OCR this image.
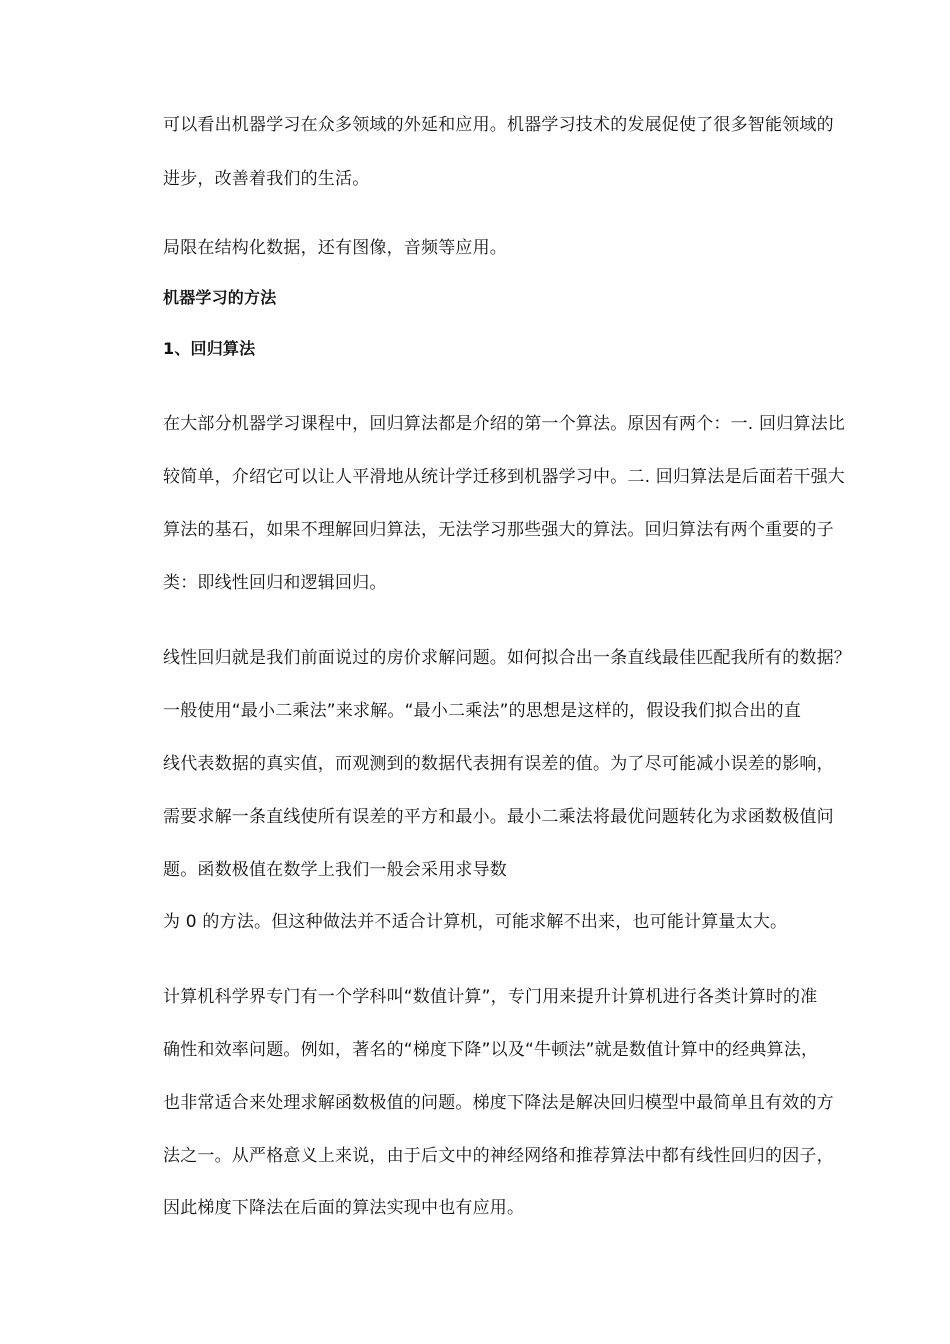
可以看出机器学习在众多领域的外延和应用。机器学习技术的发展促使了很多智能领域的
进步，改善着我们的生活。
局限在结构化数据，还有图像，音频等应用。
机器学习的方法
1、回归算法
在大部分机器学习课程中，回归算法都是介绍的第一个算法。原因有两个：一. 回归算法比
较简单，介绍它可以让人平滑地从统计学迁移到机器学习中。二. 回归算法是后面若干强大
算法的基石，如果不理解回归算法，无法学习那些强大的算法。回归算法有两个重要的子
类：即线性回归和逻辑回归。
线性回归就是我们前面说过的房价求解问题。如何拟合出一条直线最佳匹配我所有的数据？
一般使用“最小二乘法”来求解。“最小二乘法”的思想是这样的，假设我们拟合出的直
线代表数据的真实值，而观测到的数据代表拥有误差的值。为了尽可能减小误差的影响，
需要求解一条直线使所有误差的平方和最小。最小二乘法将最优问题转化为求函数极值问
题。函数极值在数学上我们一般会采用求导数
为 0 的方法。但这种做法并不适合计算机，可能求解不出来，也可能计算量太大。
计算机科学界专门有一个学科叫“数值计算”，专门用来提升计算机进行各类计算时的准
确性和效率问题。例如，著名的“梯度下降”以及“牛顿法”就是数值计算中的经典算法，
也非常适合来处理求解函数极值的问题。梯度下降法是解决回归模型中最简单且有效的方
法之一。从严格意义上来说，由于后文中的神经网络和推荐算法中都有线性回归的因子，
因此梯度下降法在后面的算法实现中也有应用。
